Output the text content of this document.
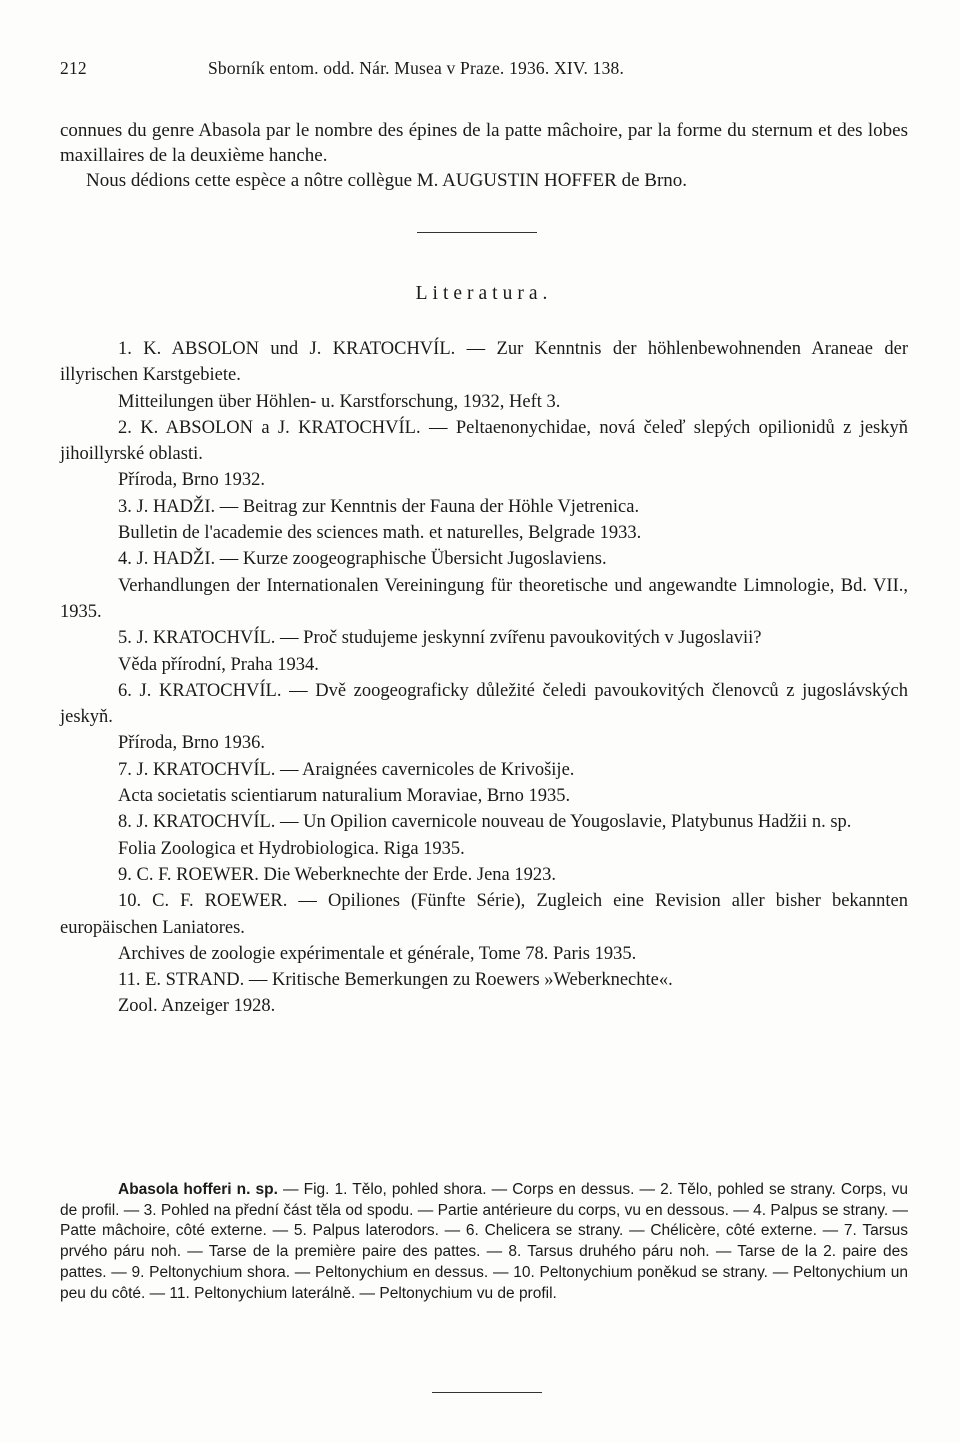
212	Sborník entom. odd. Nár. Musea v Praze. 1936. XIV. 138.

connues du genre Abasola par le nombre des épines de la patte mâchoire, par la forme du sternum et des lobes maxillaires de la deuxième hanche.

Nous dédions cette espèce a nôtre collègue M. AUGUSTIN HOFFER de Brno.

Literatura.

1. K. ABSOLON und J. KRATOCHVÍL. — Zur Kenntnis der höhlenbewohnenden Araneae der illyrischen Karstgebiete.
Mitteilungen über Höhlen- u. Karstforschung, 1932, Heft 3.

2. K. ABSOLON a J. KRATOCHVÍL. — Peltaenonychidae, nová čeleď slepých opilionidů z jeskyň jihoillyrské oblasti.
Příroda, Brno 1932.

3. J. HADŽI. — Beitrag zur Kenntnis der Fauna der Höhle Vjetrenica.
Bulletin de l'academie des sciences math. et naturelles, Belgrade 1933.

4. J. HADŽI. — Kurze zoogeographische Übersicht Jugoslaviens.
Verhandlungen der Internationalen Vereiningung für theoretische und angewandte Limnologie, Bd. VII., 1935.

5. J. KRATOCHVÍL. — Proč studujeme jeskynní zvířenu pavoukovitých v Jugoslavii?
Věda přírodní, Praha 1934.

6. J. KRATOCHVÍL. — Dvě zoogeograficky důležité čeledi pavoukovitých členovců z jugoslávských jeskyň.
Příroda, Brno 1936.

7. J. KRATOCHVÍL. — Araignées cavernicoles de Krivošije.
Acta societatis scientiarum naturalium Moraviae, Brno 1935.

8. J. KRATOCHVÍL. — Un Opilion cavernicole nouveau de Yougoslavie, Platybunus Hadžii n. sp.
Folia Zoologica et Hydrobiologica. Riga 1935.

9. C. F. ROEWER. Die Weberknechte der Erde. Jena 1923.

10. C. F. ROEWER. — Opiliones (Fünfte Série), Zugleich eine Revision aller bisher bekannten europäischen Laniatores.
Archives de zoologie expérimentale et générale, Tome 78. Paris 1935.

11. E. STRAND. — Kritische Bemerkungen zu Roewers »Weberknechte«.
Zool. Anzeiger 1928.

Abasola hofferi n. sp. — Fig. 1. Tělo, pohled shora. — Corps en dessus. — 2. Tělo, pohled se strany. Corps, vu de profil. — 3. Pohled na přední část těla od spodu. — Partie antérieure du corps, vu en dessous. — 4. Palpus se strany. — Patte mâchoire, côté externe. — 5. Palpus laterodors. — 6. Chelicera se strany. — Chélicère, côté externe. — 7. Tarsus prvého páru noh. — Tarse de la première paire des pattes. — 8. Tarsus druhého páru noh. — Tarse de la 2. paire des pattes. — 9. Peltonychium shora. — Peltonychium en dessus. — 10. Peltonychium poněkud se strany. — Peltonychium un peu du côté. — 11. Peltonychium laterálně. — Peltonychium vu de profil.
